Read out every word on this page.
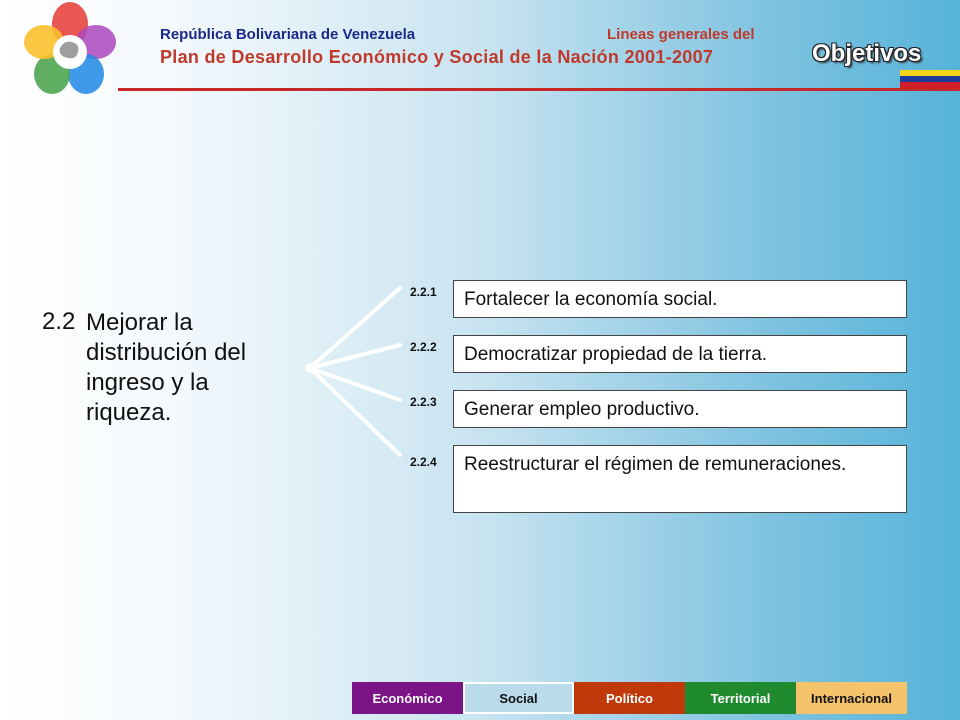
República Bolivariana de Venezuela	Lineas generales del
Plan de Desarrollo Económico y Social de la Nación 2001-2007	Objetivos
2.2 Mejorar la distribución del ingreso y la riqueza.
2.2.1	Fortalecer la economía social.
2.2.2	Democratizar propiedad de la tierra.
2.2.3	Generar empleo productivo.
2.2.4	Reestructurar el régimen de remuneraciones.
Económico	Social	Político	Territorial	Internacional
